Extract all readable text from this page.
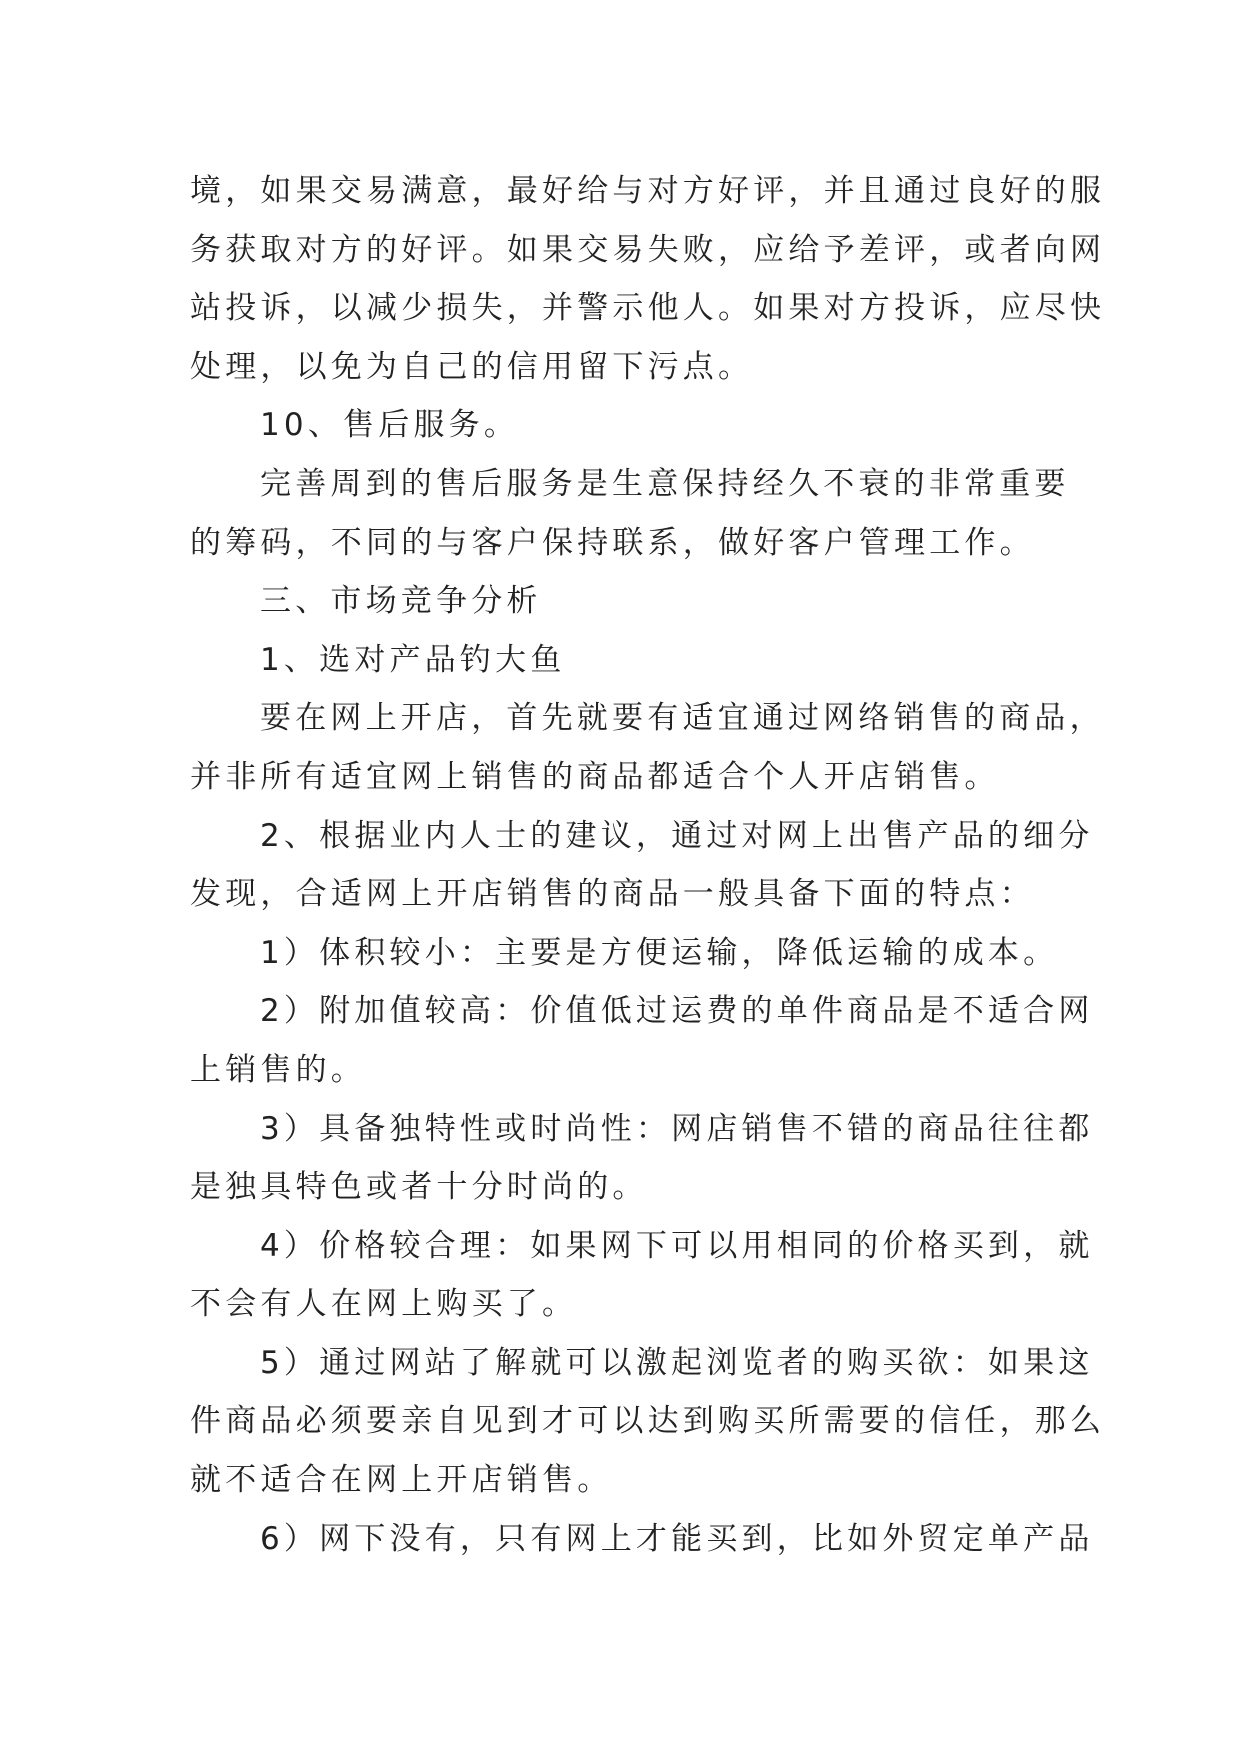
境，如果交易满意，最好给与对方好评，并且通过良好的服
务获取对方的好评。如果交易失败，应给予差评，或者向网
站投诉，以减少损失，并警示他人。如果对方投诉，应尽快
处理，以免为自己的信用留下污点。
10、售后服务。
完善周到的售后服务是生意保持经久不衰的非常重要
的筹码，不同的与客户保持联系，做好客户管理工作。
三、市场竞争分析
1、选对产品钓大鱼
要在网上开店，首先就要有适宜通过网络销售的商品，
并非所有适宜网上销售的商品都适合个人开店销售。
2、根据业内人士的建议，通过对网上出售产品的细分
发现，合适网上开店销售的商品一般具备下面的特点：
1）体积较小：主要是方便运输，降低运输的成本。
2）附加值较高：价值低过运费的单件商品是不适合网
上销售的。
3）具备独特性或时尚性：网店销售不错的商品往往都
是独具特色或者十分时尚的。
4）价格较合理：如果网下可以用相同的价格买到，就
不会有人在网上购买了。
5）通过网站了解就可以激起浏览者的购买欲：如果这
件商品必须要亲自见到才可以达到购买所需要的信任，那么
就不适合在网上开店销售。
6）网下没有，只有网上才能买到，比如外贸定单产品
